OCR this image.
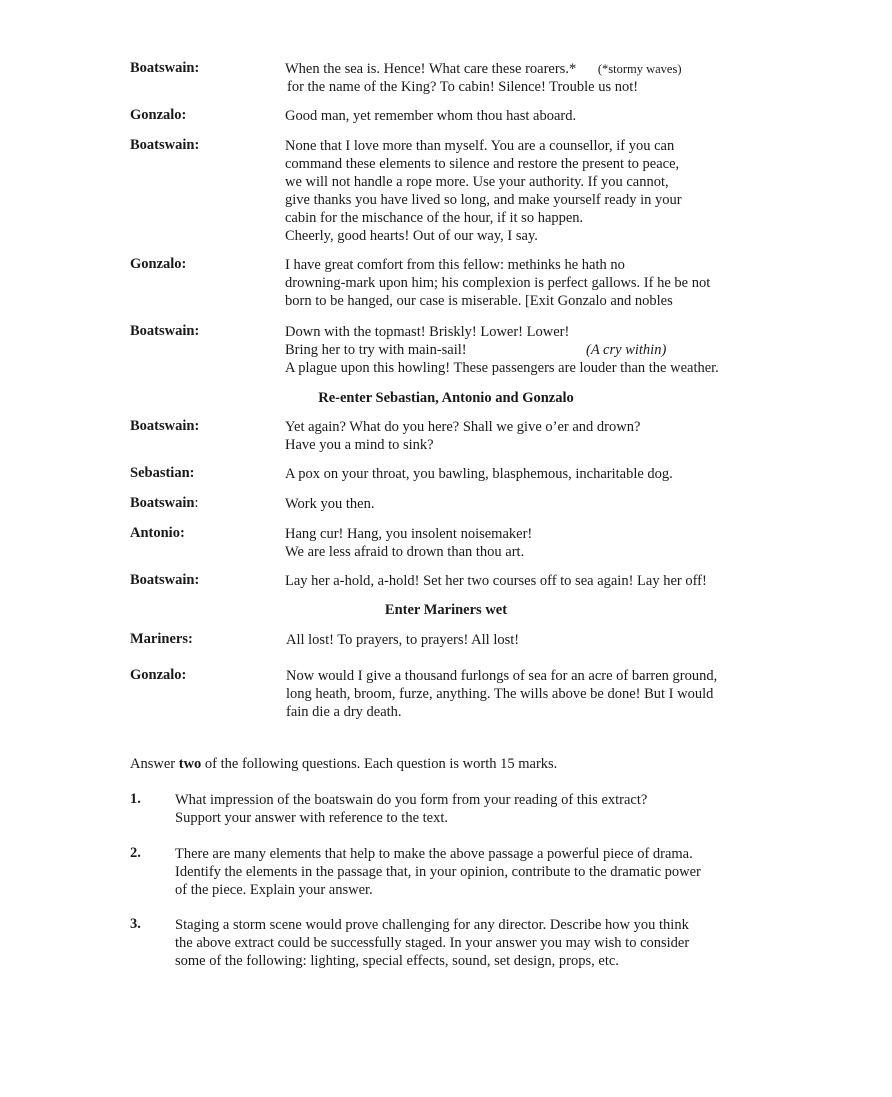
Boatswain:	When the sea is. Hence! What care these roarers.* (*stormy waves)
for the name of the King? To cabin! Silence! Trouble us not!
Gonzalo:	Good man, yet remember whom thou hast aboard.
Boatswain:	None that I love more than myself. You are a counsellor, if you can
command these elements to silence and restore the present to peace,
we will not handle a rope more. Use your authority. If you cannot,
give thanks you have lived so long, and make yourself ready in your
cabin for the mischance of the hour, if it so happen.
Cheerly, good hearts! Out of our way, I say.
Gonzalo:	I have great comfort from this fellow: methinks he hath no
drowning-mark upon him; his complexion is perfect gallows. If he be not
born to be hanged, our case is miserable. [Exit Gonzalo and nobles
Boatswain:	Down with the topmast! Briskly! Lower! Lower!
Bring her to try with main-sail!	(A cry within)
A plague upon this howling! These passengers are louder than the weather.
Re-enter Sebastian, Antonio and Gonzalo
Boatswain:	Yet again? What do you here? Shall we give o’er and drown?
Have you a mind to sink?
Sebastian:	A pox on your throat, you bawling, blasphemous, incharitable dog.
Boatswain:	Work you then.
Antonio:	Hang cur! Hang, you insolent noisemaker!
We are less afraid to drown than thou art.
Boatswain:	Lay her a-hold, a-hold! Set her two courses off to sea again! Lay her off!
Enter Mariners wet
Mariners:	All lost! To prayers, to prayers! All lost!
Gonzalo:	Now would I give a thousand furlongs of sea for an acre of barren ground,
long heath, broom, furze, anything. The wills above be done! But I would
fain die a dry death.
Answer two of the following questions. Each question is worth 15 marks.
1. What impression of the boatswain do you form from your reading of this extract?
Support your answer with reference to the text.
2. There are many elements that help to make the above passage a powerful piece of drama.
Identify the elements in the passage that, in your opinion, contribute to the dramatic power
of the piece. Explain your answer.
3. Staging a storm scene would prove challenging for any director. Describe how you think
the above extract could be successfully staged. In your answer you may wish to consider
some of the following: lighting, special effects, sound, set design, props, etc.
